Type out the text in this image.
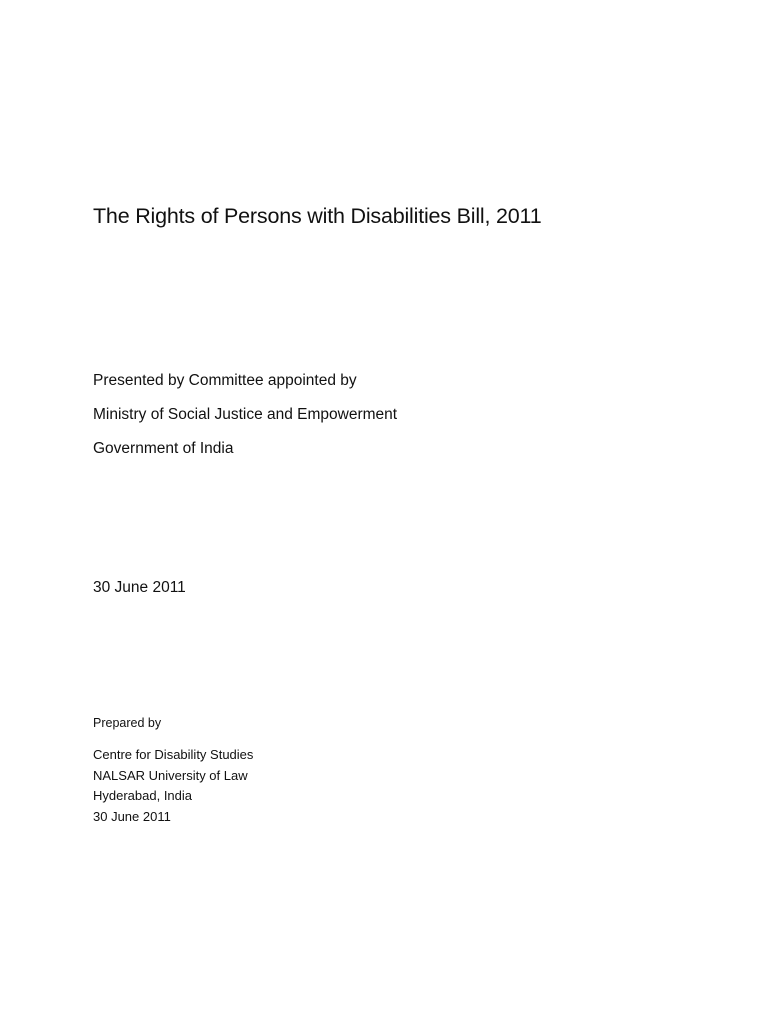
The Rights of Persons with Disabilities Bill, 2011
Presented by Committee appointed by
Ministry of Social Justice and Empowerment
Government of India
30 June 2011
Prepared by
Centre for Disability Studies
NALSAR University of Law
Hyderabad, India
30 June 2011
